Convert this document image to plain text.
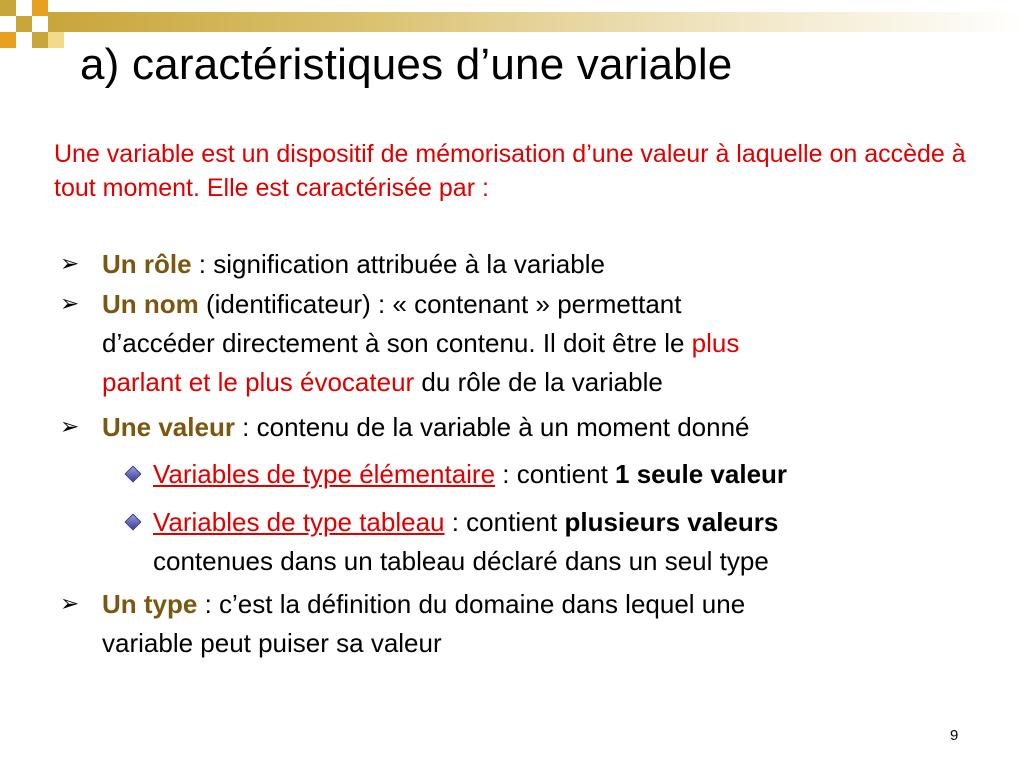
a) caractéristiques d’une variable
Une variable est un dispositif de mémorisation d’une valeur à laquelle on accède à tout moment. Elle est caractérisée par :
➢ Un rôle : signification attribuée à la variable
➢ Un nom (identificateur) : « contenant » permettant
d’accéder directement à son contenu. Il doit être le plus
parlant et le plus évocateur du rôle de la variable
➢ Une valeur : contenu de la variable à un moment donné
Variables de type élémentaire : contient 1 seule valeur
Variables de type tableau : contient plusieurs valeurs
contenues dans un tableau déclaré dans un seul type
➢ Un type : c’est la définition du domaine dans lequel une
variable peut puiser sa valeur
9
